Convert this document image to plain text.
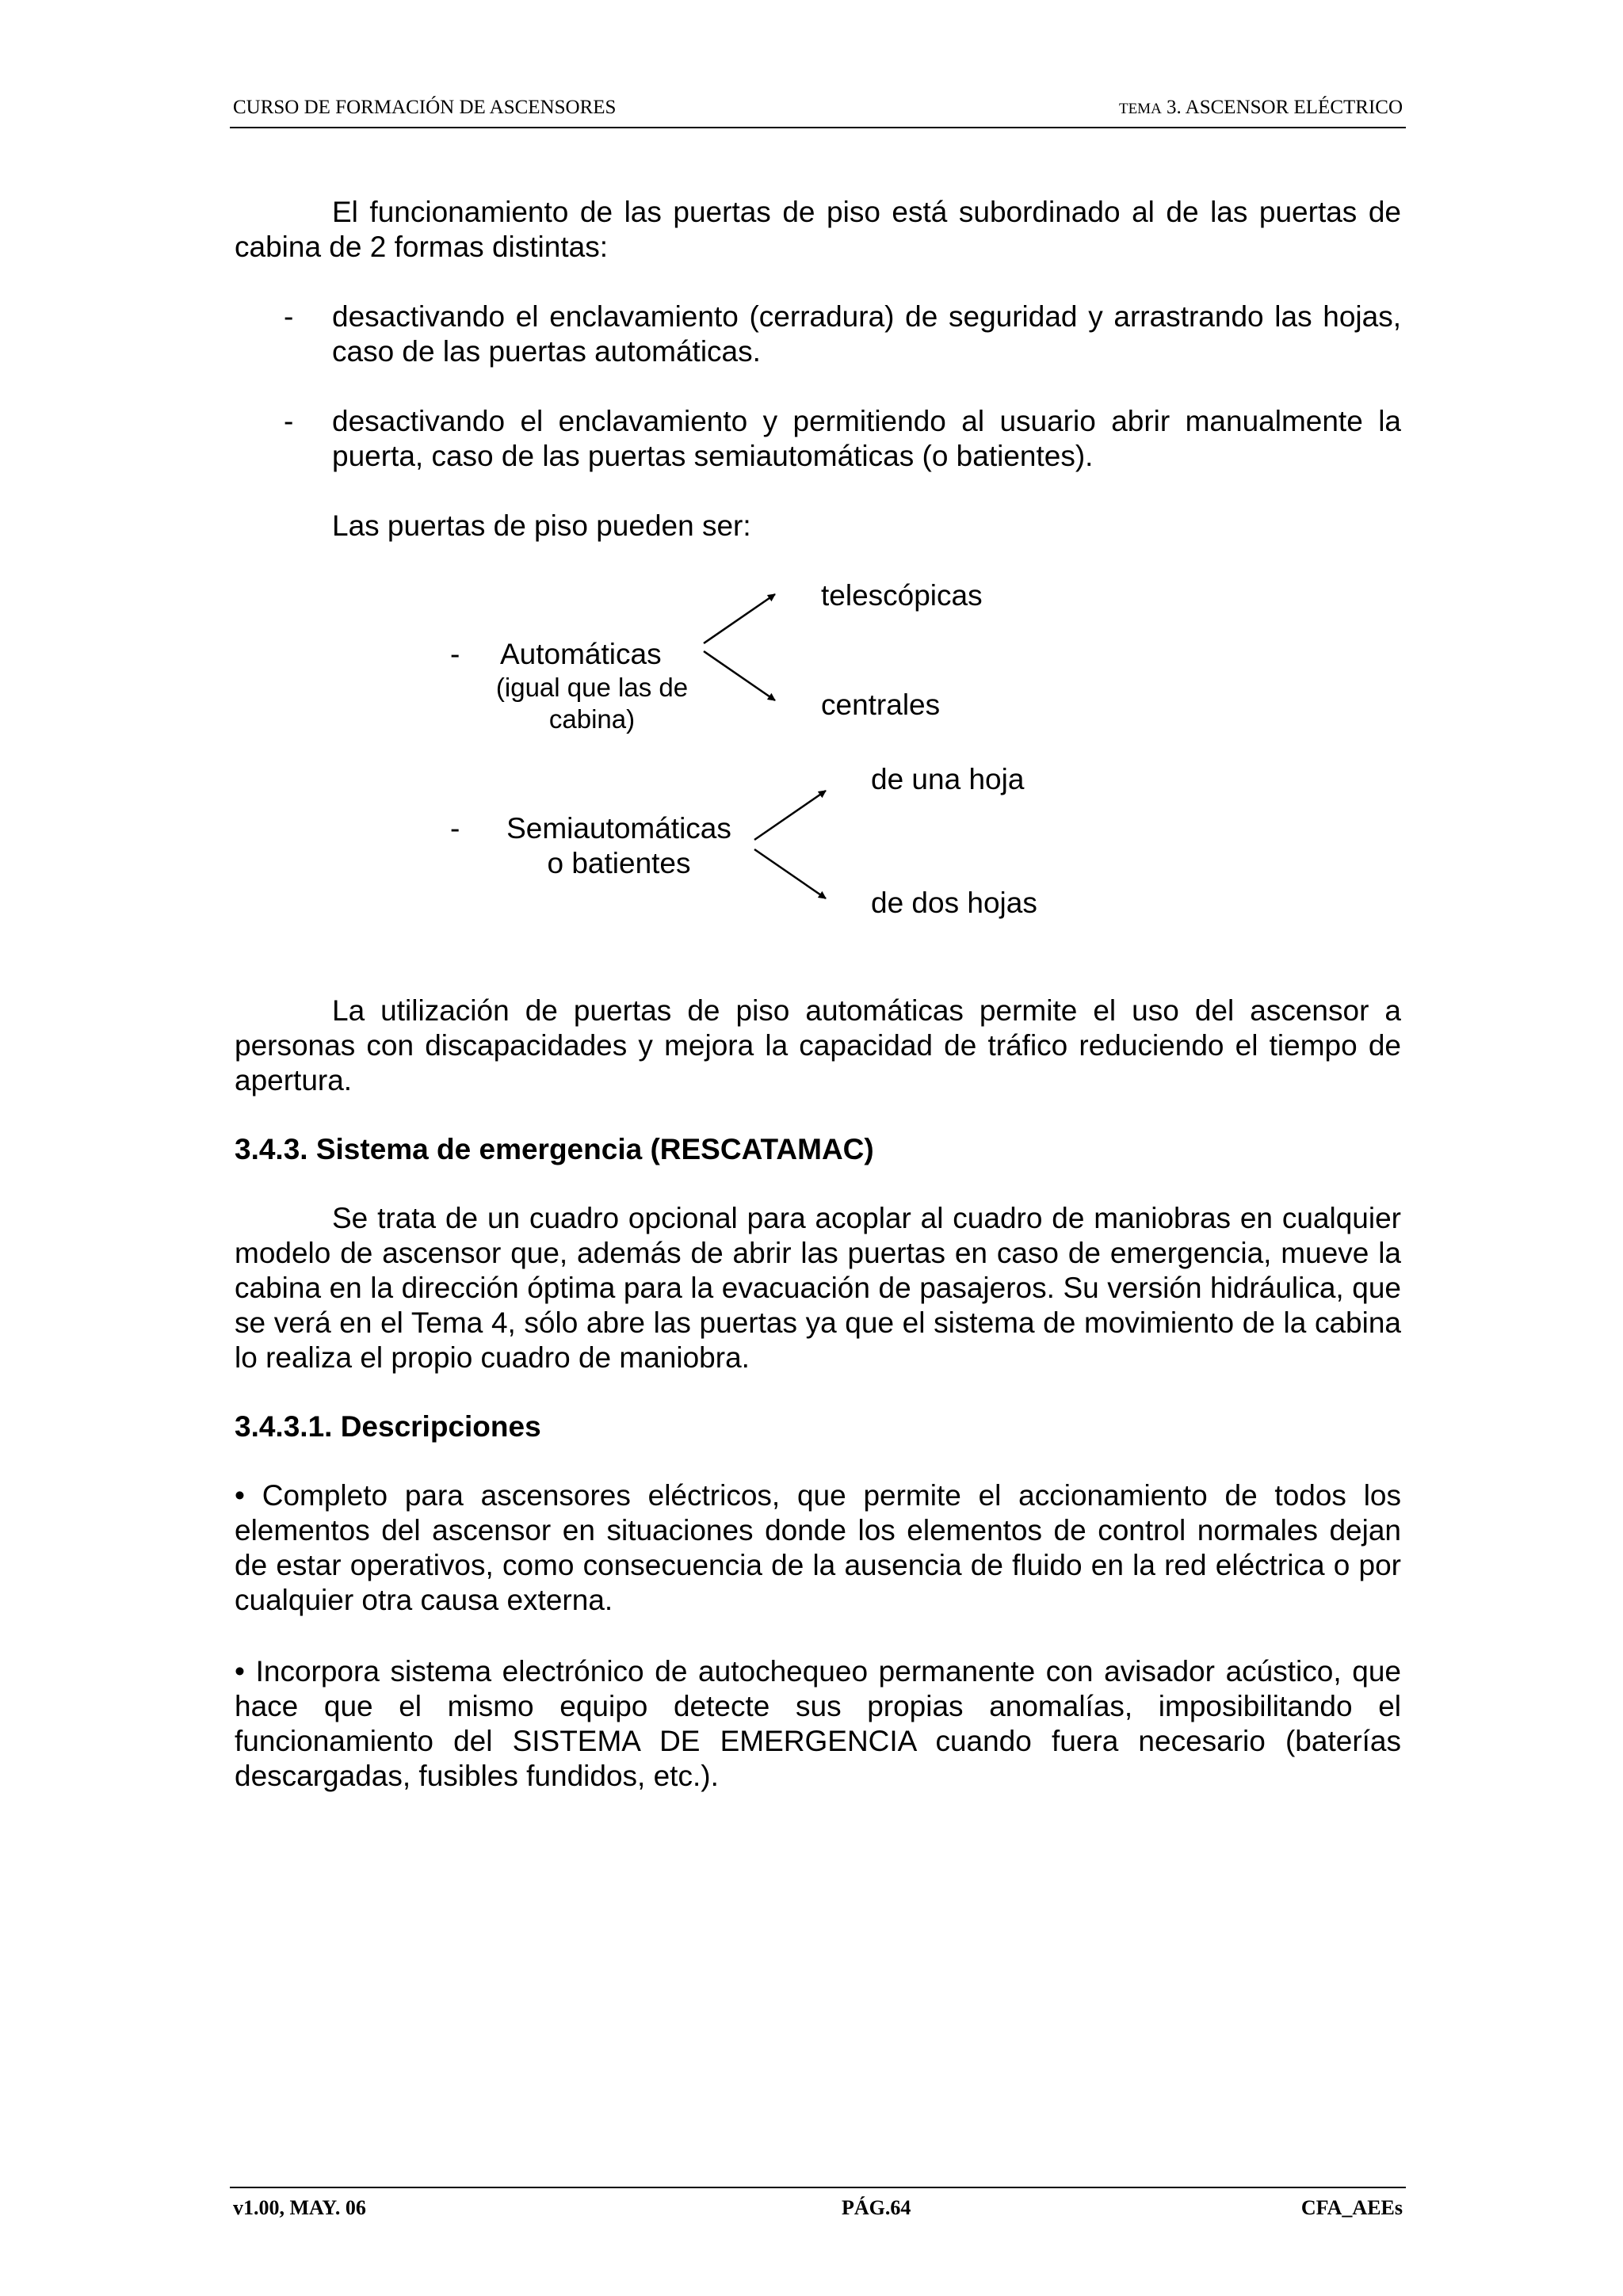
CURSO DE FORMACIÓN DE ASCENSORES	TEMA 3. ASCENSOR ELÉCTRICO

El funcionamiento de las puertas de piso está subordinado al de las puertas de cabina de 2 formas distintas:

- desactivando el enclavamiento (cerradura) de seguridad y arrastrando las hojas, caso de las puertas automáticas.
- desactivando el enclavamiento y permitiendo al usuario abrir manualmente la puerta, caso de las puertas semiautomáticas (o batientes).
Las puertas de piso pueden ser:
- Automáticas
(igual que las de
cabina)
telescópicas
centrales
- Semiautomáticas
o batientes
de una hoja
de dos hojas

La utilización de puertas de piso automáticas permite el uso del ascensor a personas con discapacidades y mejora la capacidad de tráfico reduciendo el tiempo de apertura.

3.4.3. Sistema de emergencia (RESCATAMAC)

Se trata de un cuadro opcional para acoplar al cuadro de maniobras en cualquier modelo de ascensor que, además de abrir las puertas en caso de emergencia, mueve la cabina en la dirección óptima para la evacuación de pasajeros. Su versión hidráulica, que se verá en el Tema 4, sólo abre las puertas ya que el sistema de movimiento de la cabina lo realiza el propio cuadro de maniobra.

3.4.3.1. Descripciones

• Completo para ascensores eléctricos, que permite el accionamiento de todos los elementos del ascensor en situaciones donde los elementos de control normales dejan de estar operativos, como consecuencia de la ausencia de fluido en la red eléctrica o por cualquier otra causa externa.

• Incorpora sistema electrónico de autochequeo permanente con avisador acústico, que hace que el mismo equipo detecte sus propias anomalías, imposibilitando el funcionamiento del SISTEMA DE EMERGENCIA cuando fuera necesario (baterías descargadas, fusibles fundidos, etc.).

v1.00, MAY. 06	PÁG.64	CFA_AEEs
